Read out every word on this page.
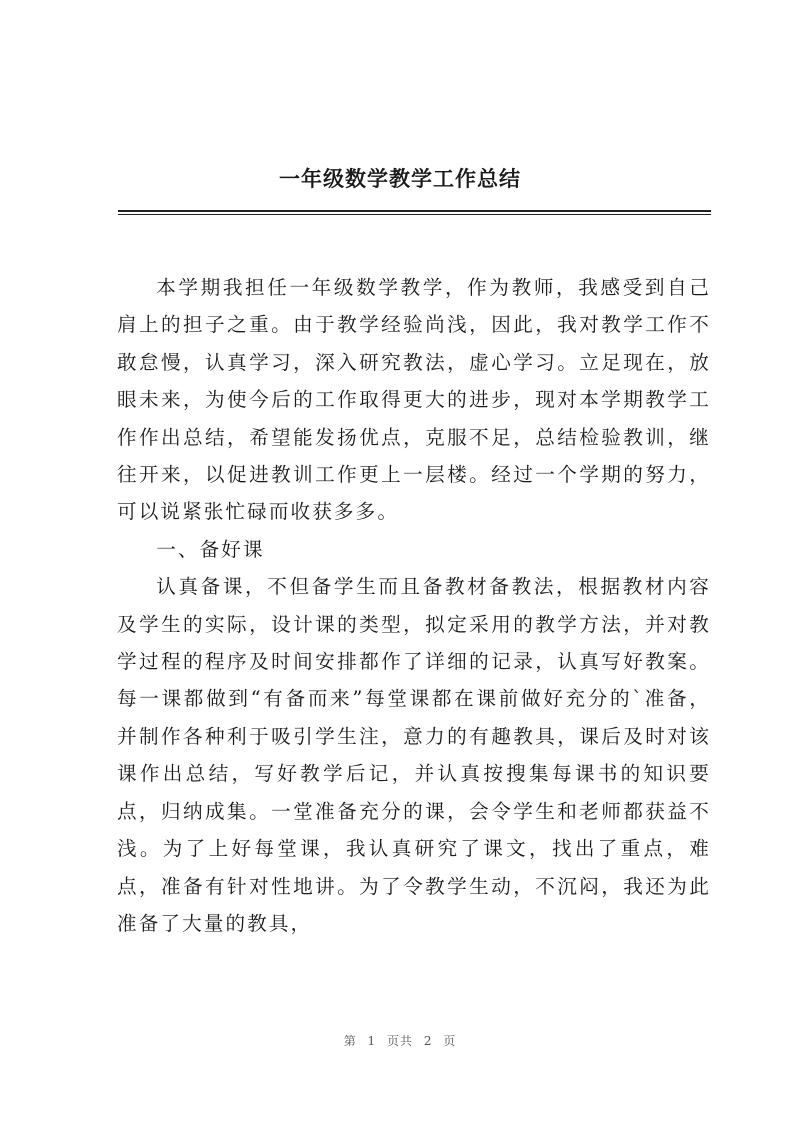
一年级数学教学工作总结

本学期我担任一年级数学教学，作为教师，我感受到自己肩上的担子之重。由于教学经验尚浅，因此，我对教学工作不敢怠慢，认真学习，深入研究教法，虚心学习。立足现在，放眼未来，为使今后的工作取得更大的进步，现对本学期教学工作作出总结，希望能发扬优点，克服不足，总结检验教训，继往开来，以促进教训工作更上一层楼。经过一个学期的努力，可以说紧张忙碌而收获多多。

一、备好课

认真备课，不但备学生而且备教材备教法，根据教材内容及学生的实际，设计课的类型，拟定采用的教学方法，并对教学过程的程序及时间安排都作了详细的记录，认真写好教案。每一课都做到“有备而来”每堂课都在课前做好充分的`准备，并制作各种利于吸引学生注，意力的有趣教具，课后及时对该课作出总结，写好教学后记，并认真按搜集每课书的知识要点，归纳成集。一堂准备充分的课，会令学生和老师都获益不浅。为了上好每堂课，我认真研究了课文，找出了重点，难点，准备有针对性地讲。为了令教学生动，不沉闷，我还为此准备了大量的教具，

第 1 页共 2 页
